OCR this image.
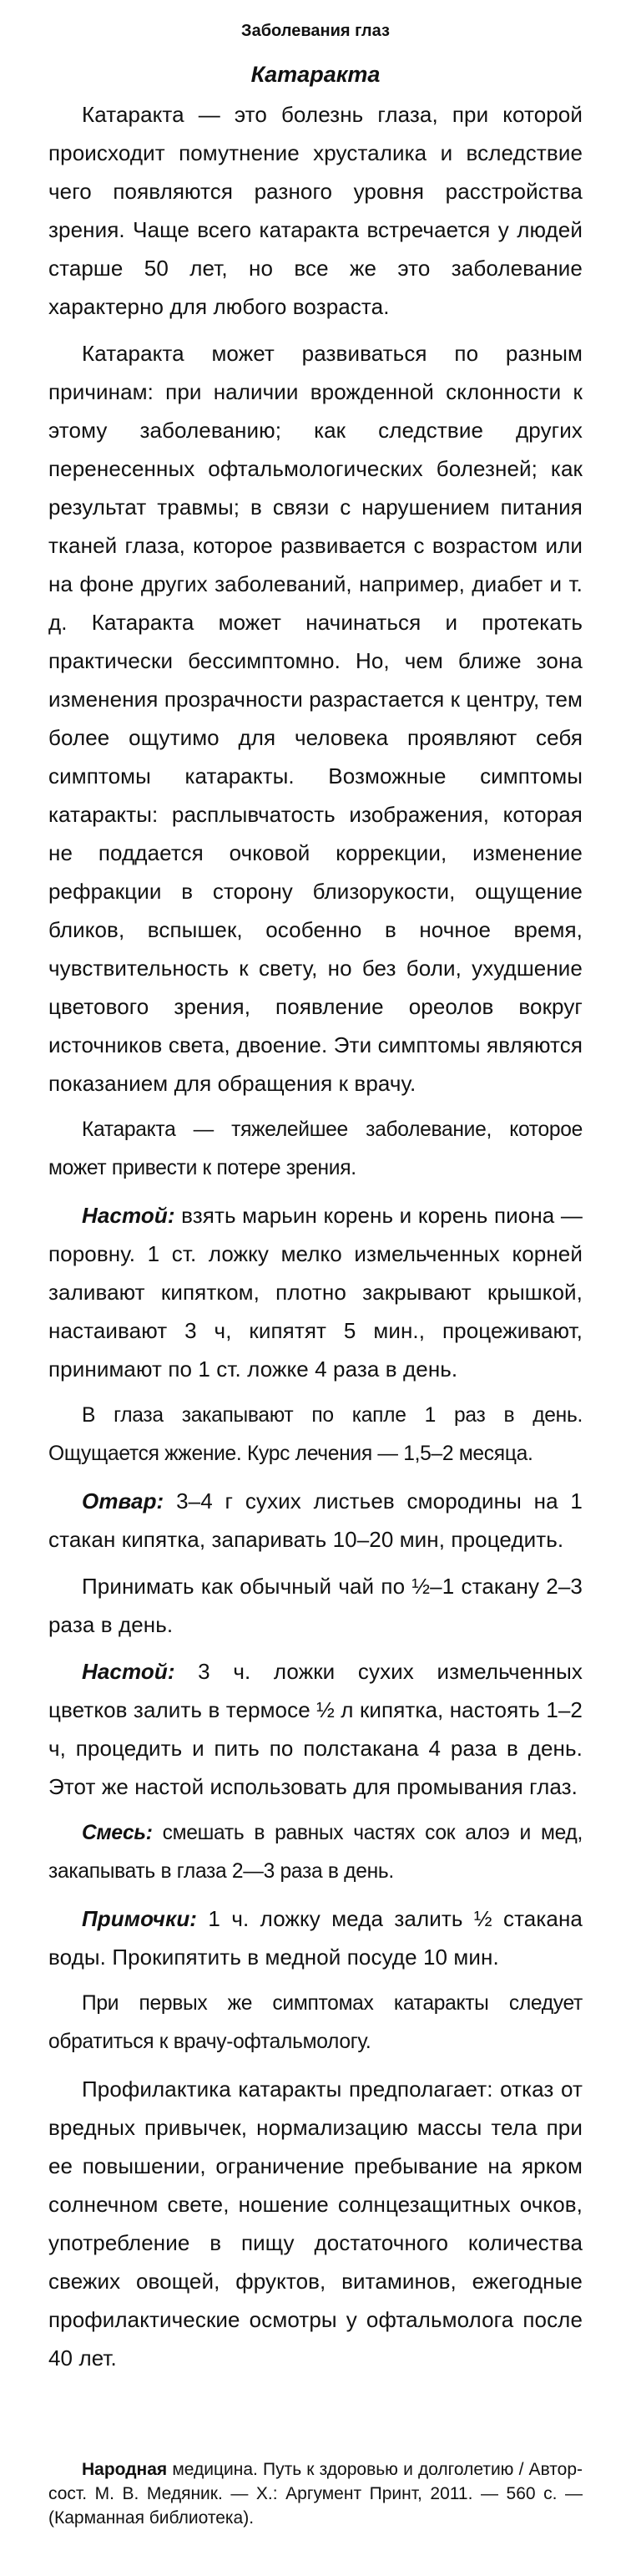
Заболевания глаз
Катаракта

Катаракта — это болезнь глаза, при которой происходит помутнение хрусталика и вследствие чего появляются разного уровня расстройства зрения. Чаще всего катаракта встречается у людей старше 50 лет, но все же это заболевание характерно для любого возраста.

Катаракта может развиваться по разным причинам: при наличии врожденной склонности к этому заболеванию; как следствие других перенесенных офтальмологических болезней; как результат травмы; в связи с нарушением питания тканей глаза, которое развивается с возрастом или на фоне других заболеваний, например, диабет и т. д. Катаракта может начинаться и протекать практически бессимптомно. Но, чем ближе зона изменения прозрачности разрастается к центру, тем более ощутимо для человека проявляют себя симптомы катаракты. Возможные симптомы катаракты: расплывчатость изображения, которая не поддается очковой коррекции, изменение рефракции в сторону близорукости, ощущение бликов, вспышек, особенно в ночное время, чувствительность к свету, но без боли, ухудшение цветового зрения, появление ореолов вокруг источников света, двоение. Эти симптомы являются показанием для обращения к врачу.

Катаракта — тяжелейшее заболевание, которое может привести к потере зрения.

Настой: взять марьин корень и корень пиона — поровну. 1 ст. ложку мелко измельченных корней заливают кипятком, плотно закрывают крышкой, настаивают 3 ч, кипятят 5 мин., процеживают, принимают по 1 ст. ложке 4 раза в день.

В глаза закапывают по капле 1 раз в день. Ощущается жжение. Курс лечения — 1,5–2 месяца.

Отвар: 3–4 г сухих листьев смородины на 1 стакан кипятка, запаривать 10–20 мин, процедить.

Принимать как обычный чай по ½–1 стакану 2–3 раза в день.

Настой: 3 ч. ложки сухих измельченных цветков залить в термосе ½ л кипятка, настоять 1–2 ч, процедить и пить по полстакана 4 раза в день. Этот же настой использовать для промывания глаз.

Смесь: смешать в равных частях сок алоэ и мед, закапывать в глаза 2—3 раза в день.

Примочки: 1 ч. ложку меда залить ½ стакана воды. Прокипятить в медной посуде 10 мин.

При первых же симптомах катаракты следует обратиться к врачу-офтальмологу.

Профилактика катаракты предполагает: отказ от вредных привычек, нормализацию массы тела при ее повышении, ограничение пребывание на ярком солнечном свете, ношение солнцезащитных очков, употребление в пищу достаточного количества свежих овощей, фруктов, витаминов, ежегодные профилактические осмотры у офтальмолога после 40 лет.

Народная медицина. Путь к здоровью и долголетию / Автор-сост. М. В. Медяник. — Х.: Аргумент Принт, 2011. — 560 с. — (Карманная библиотека).
